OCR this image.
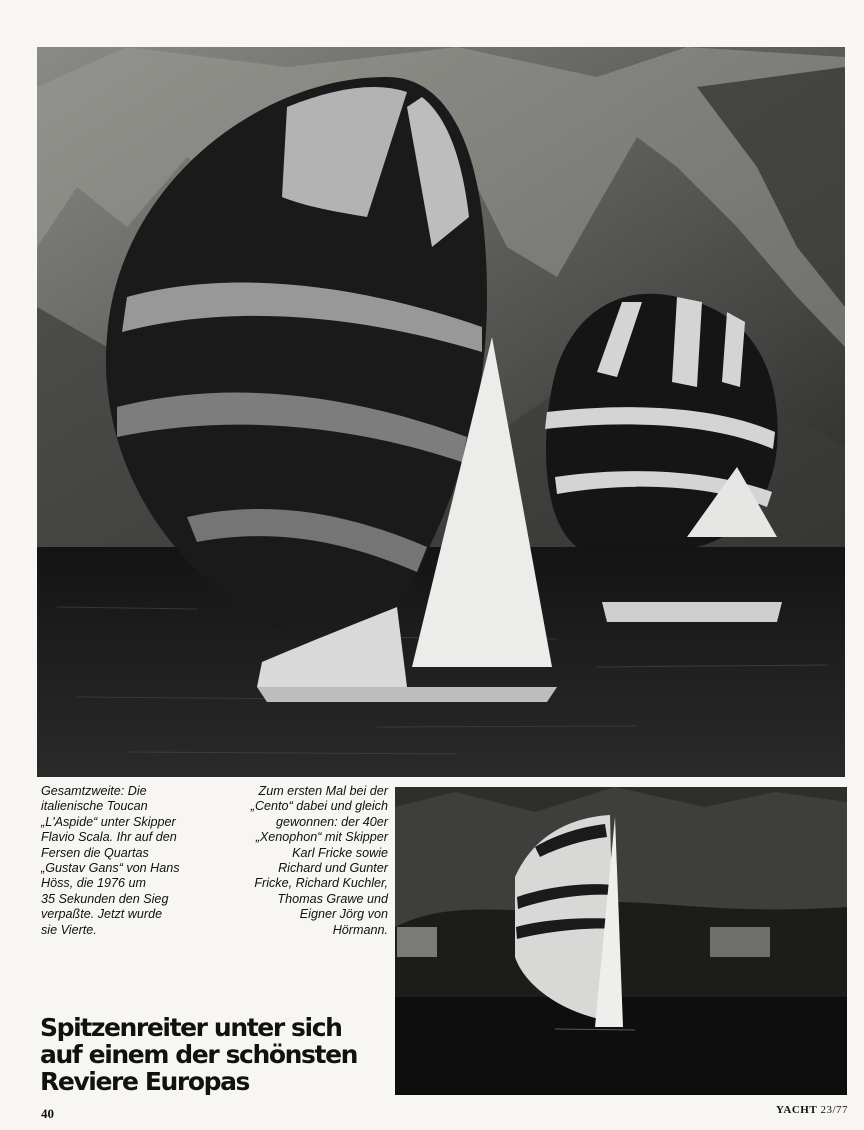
Gesamtzweite: Die
italienische Toucan
„L'Aspide“ unter Skipper
Flavio Scala. Ihr auf den
Fersen die Quartas
„Gustav Gans“ von Hans
Höss, die 1976 um
35 Sekunden den Sieg
verpaßte. Jetzt wurde
sie Vierte.

Zum ersten Mal bei der
„Cento“ dabei und gleich
gewonnen: der 40er
„Xenophon“ mit Skipper
Karl Fricke sowie
Richard und Gunter
Fricke, Richard Kuchler,
Thomas Grawe und
Eigner Jörg von
Hörmann.

Spitzenreiter unter sich
auf einem der schönsten
Reviere Europas
40	YACHT 23/77
